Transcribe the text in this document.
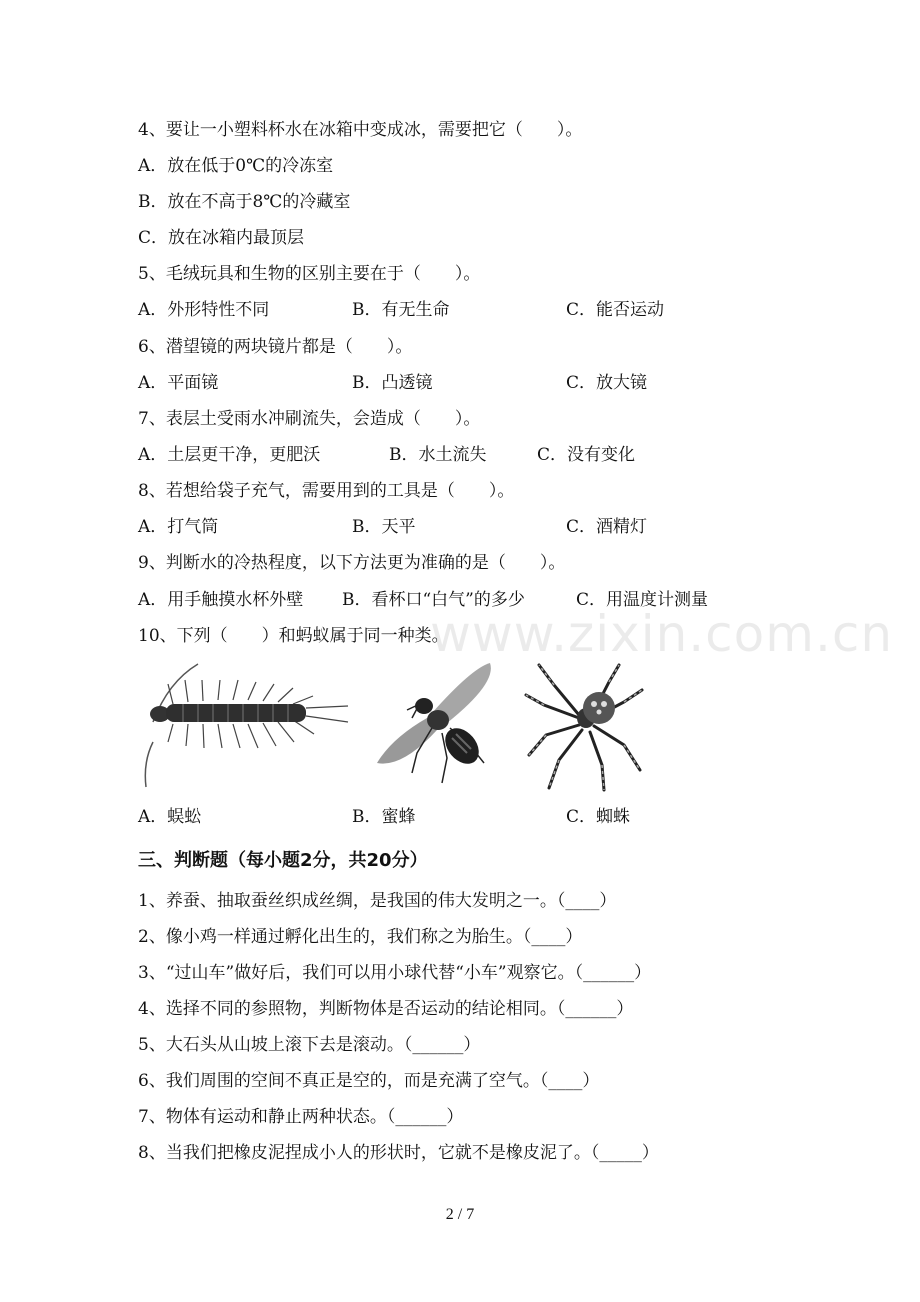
www.zixin.com.cn
4、要让一小塑料杯水在冰箱中变成冰，需要把它（　　）。
A．放在低于0℃的冷冻室
B．放在不高于8℃的冷藏室
C．放在冰箱内最顶层
5、毛绒玩具和生物的区别主要在于（　　）。
A．外形特性不同	B．有无生命	C．能否运动
6、潜望镜的两块镜片都是（　　）。
A．平面镜	B．凸透镜	C．放大镜
7、表层土受雨水冲刷流失，会造成（　　）。
A．土层更干净，更肥沃	B．水土流失	C．没有变化
8、若想给袋子充气，需要用到的工具是（　　）。
A．打气筒	B．天平	C．酒精灯
9、判断水的冷热程度，以下方法更为准确的是（　　）。
A．用手触摸水杯外壁 B．看杯口“白气”的多少	C．用温度计测量
10、下列（　　）和蚂蚁属于同一种类。
A．蜈蚣	B．蜜蜂	C．蜘蛛
三、判断题（每小题2分，共20分）
1、养蚕、抽取蚕丝织成丝绸，是我国的伟大发明之一。（____）
2、像小鸡一样通过孵化出生的，我们称之为胎生。（____）
3、“过山车”做好后，我们可以用小球代替“小车”观察它。（______）
4、选择不同的参照物，判断物体是否运动的结论相同。（______）
5、大石头从山坡上滚下去是滚动。（______）
6、我们周围的空间不真正是空的，而是充满了空气。（____）
7、物体有运动和静止两种状态。（______）
8、当我们把橡皮泥捏成小人的形状时，它就不是橡皮泥了。（_____）
2 / 7
